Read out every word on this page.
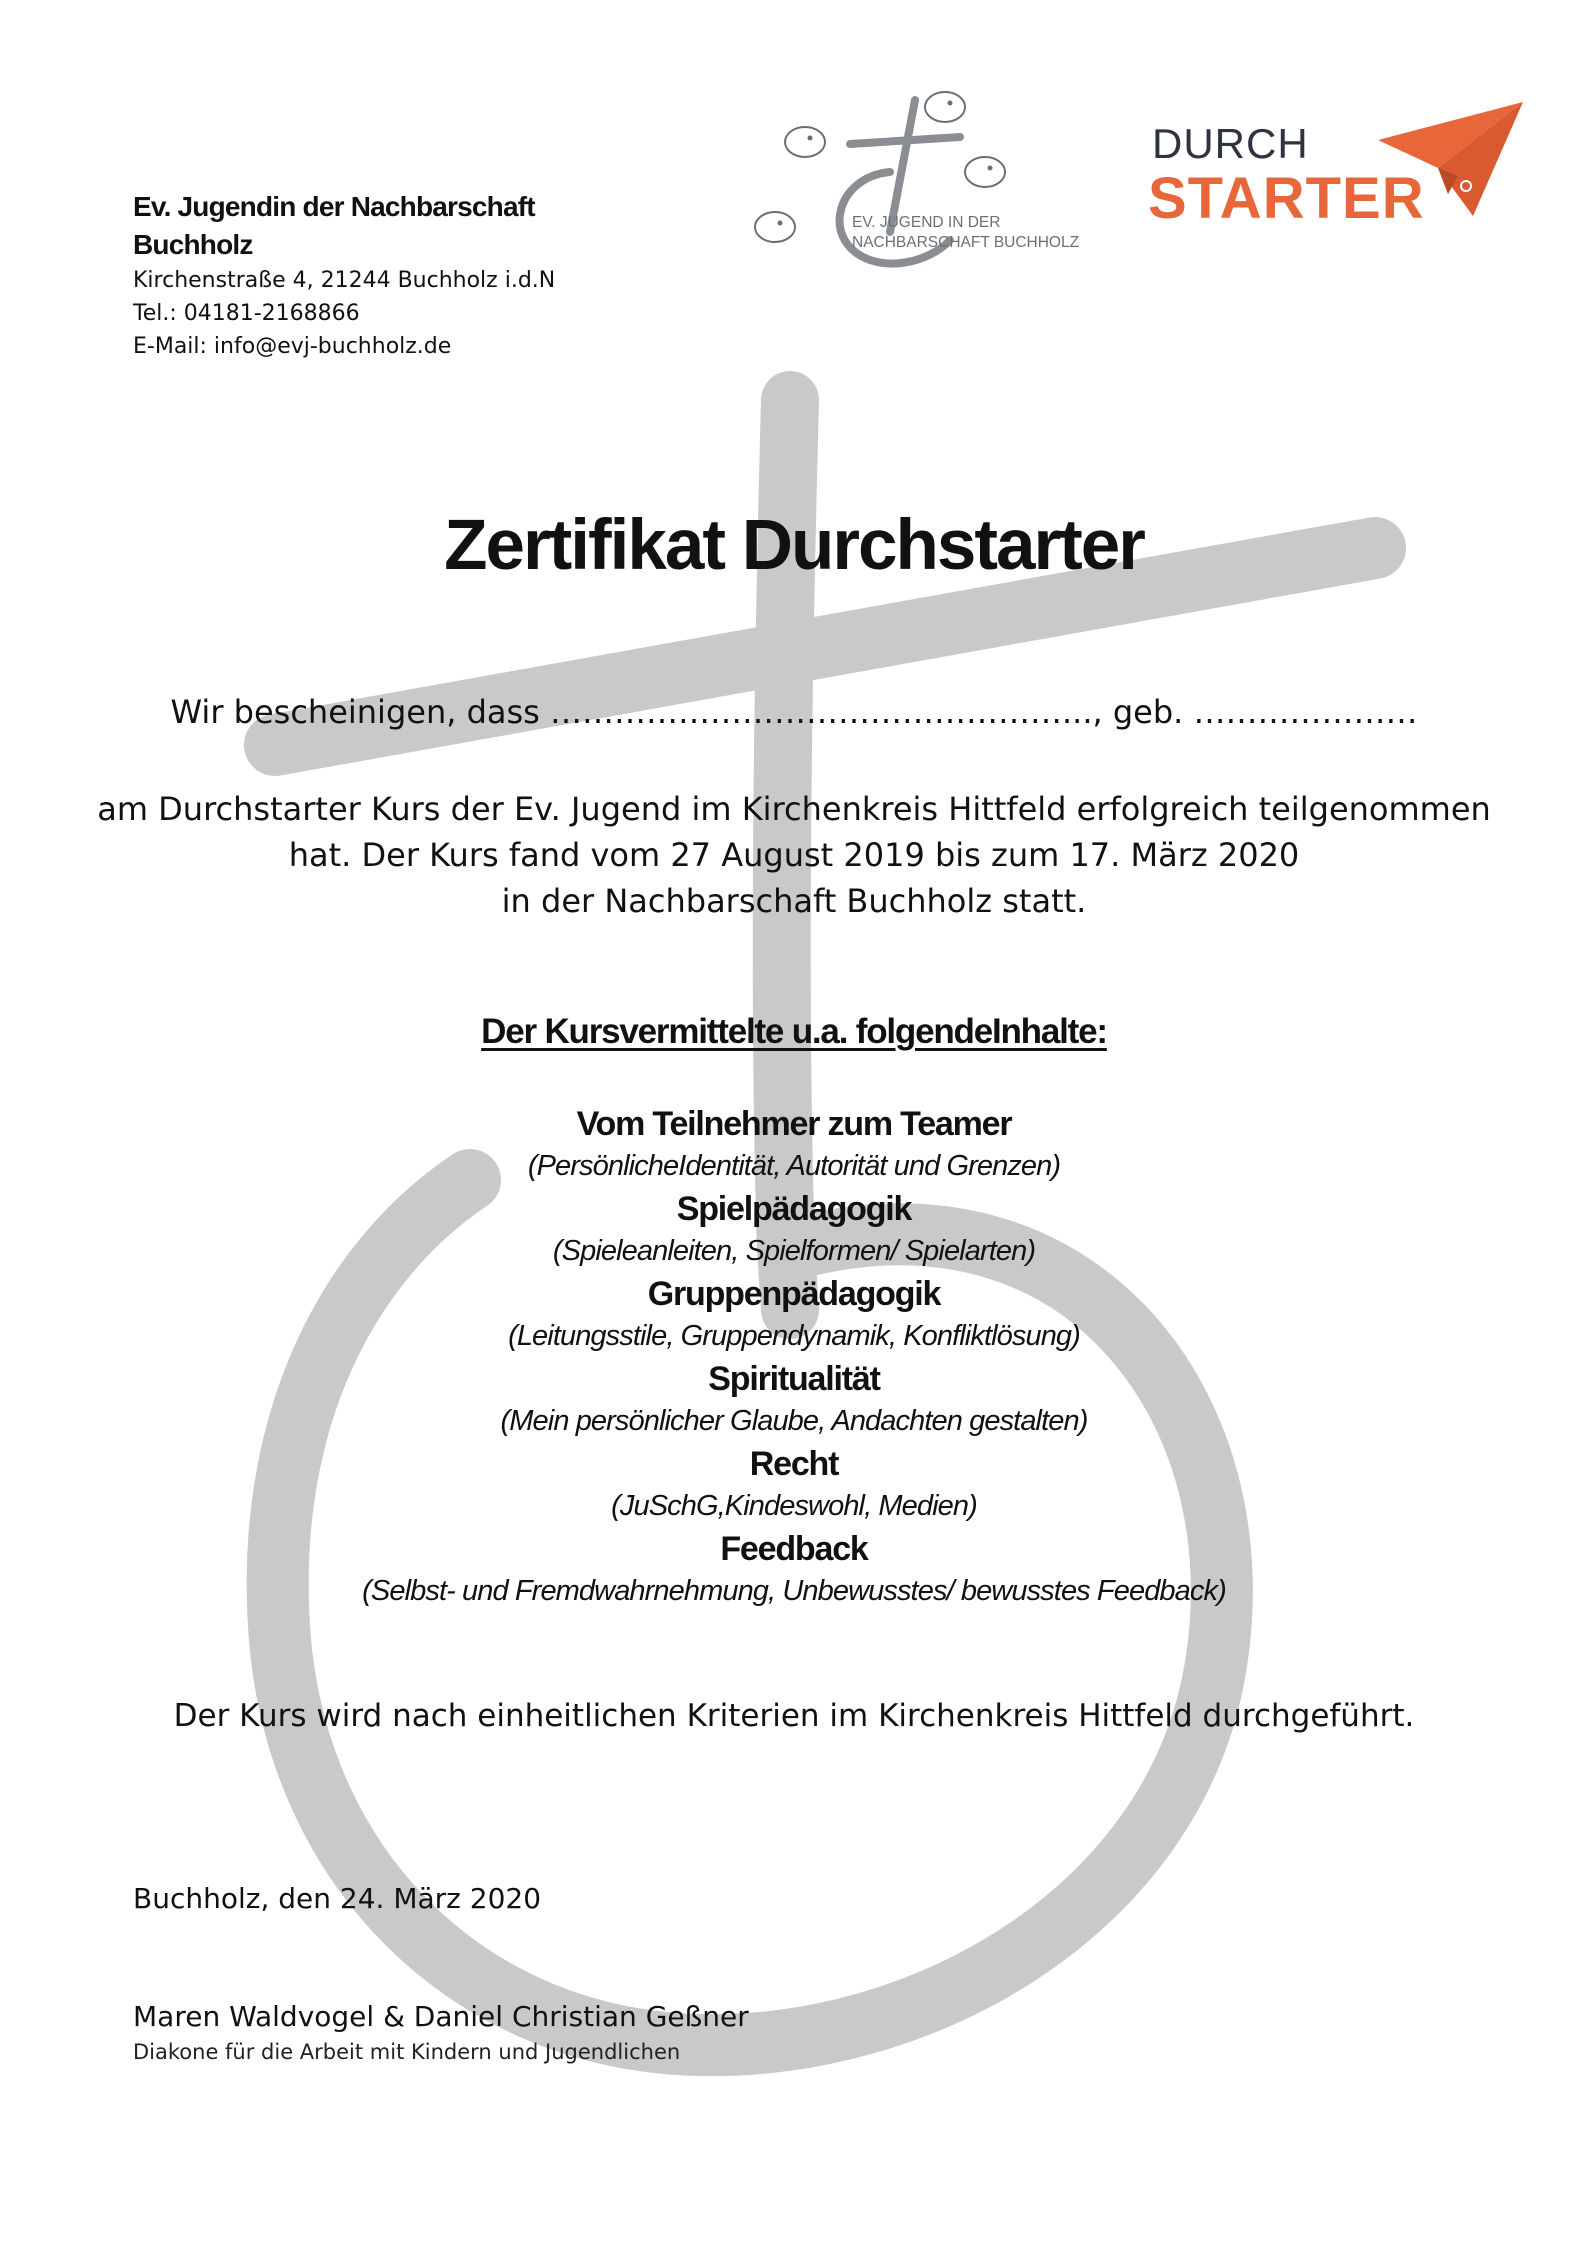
Ev. Jugendin der Nachbarschaft Buchholz
Kirchenstraße 4, 21244 Buchholz i.d.N
Tel.: 04181-2168866
E-Mail: info@evj-buchholz.de
EV. JUGEND IN DER
NACHBARSCHAFT BUCHHOLZ
DURCH
STARTER
Zertifikat Durchstarter
Wir bescheinigen, dass …………………………………………..., geb. …………………
am Durchstarter Kurs der Ev. Jugend im Kirchenkreis Hittfeld erfolgreich teilgenommen
hat. Der Kurs fand vom 27 August 2019 bis zum 17. März 2020
in der Nachbarschaft Buchholz statt.
Der Kursvermittelte u.a. folgendeInhalte:
Vom Teilnehmer zum Teamer
(PersönlicheIdentität, Autorität und Grenzen)
Spielpädagogik
(Spieleanleiten, Spielformen/ Spielarten)
Gruppenpädagogik
(Leitungsstile, Gruppendynamik, Konfliktlösung)
Spiritualität
(Mein persönlicher Glaube, Andachten gestalten)
Recht
(JuSchG,Kindeswohl, Medien)
Feedback
(Selbst- und Fremdwahrnehmung, Unbewusstes/ bewusstes Feedback)
Der Kurs wird nach einheitlichen Kriterien im Kirchenkreis Hittfeld durchgeführt.
Buchholz, den 24. März 2020
Maren Waldvogel & Daniel Christian Geßner
Diakone für die Arbeit mit Kindern und Jugendlichen
